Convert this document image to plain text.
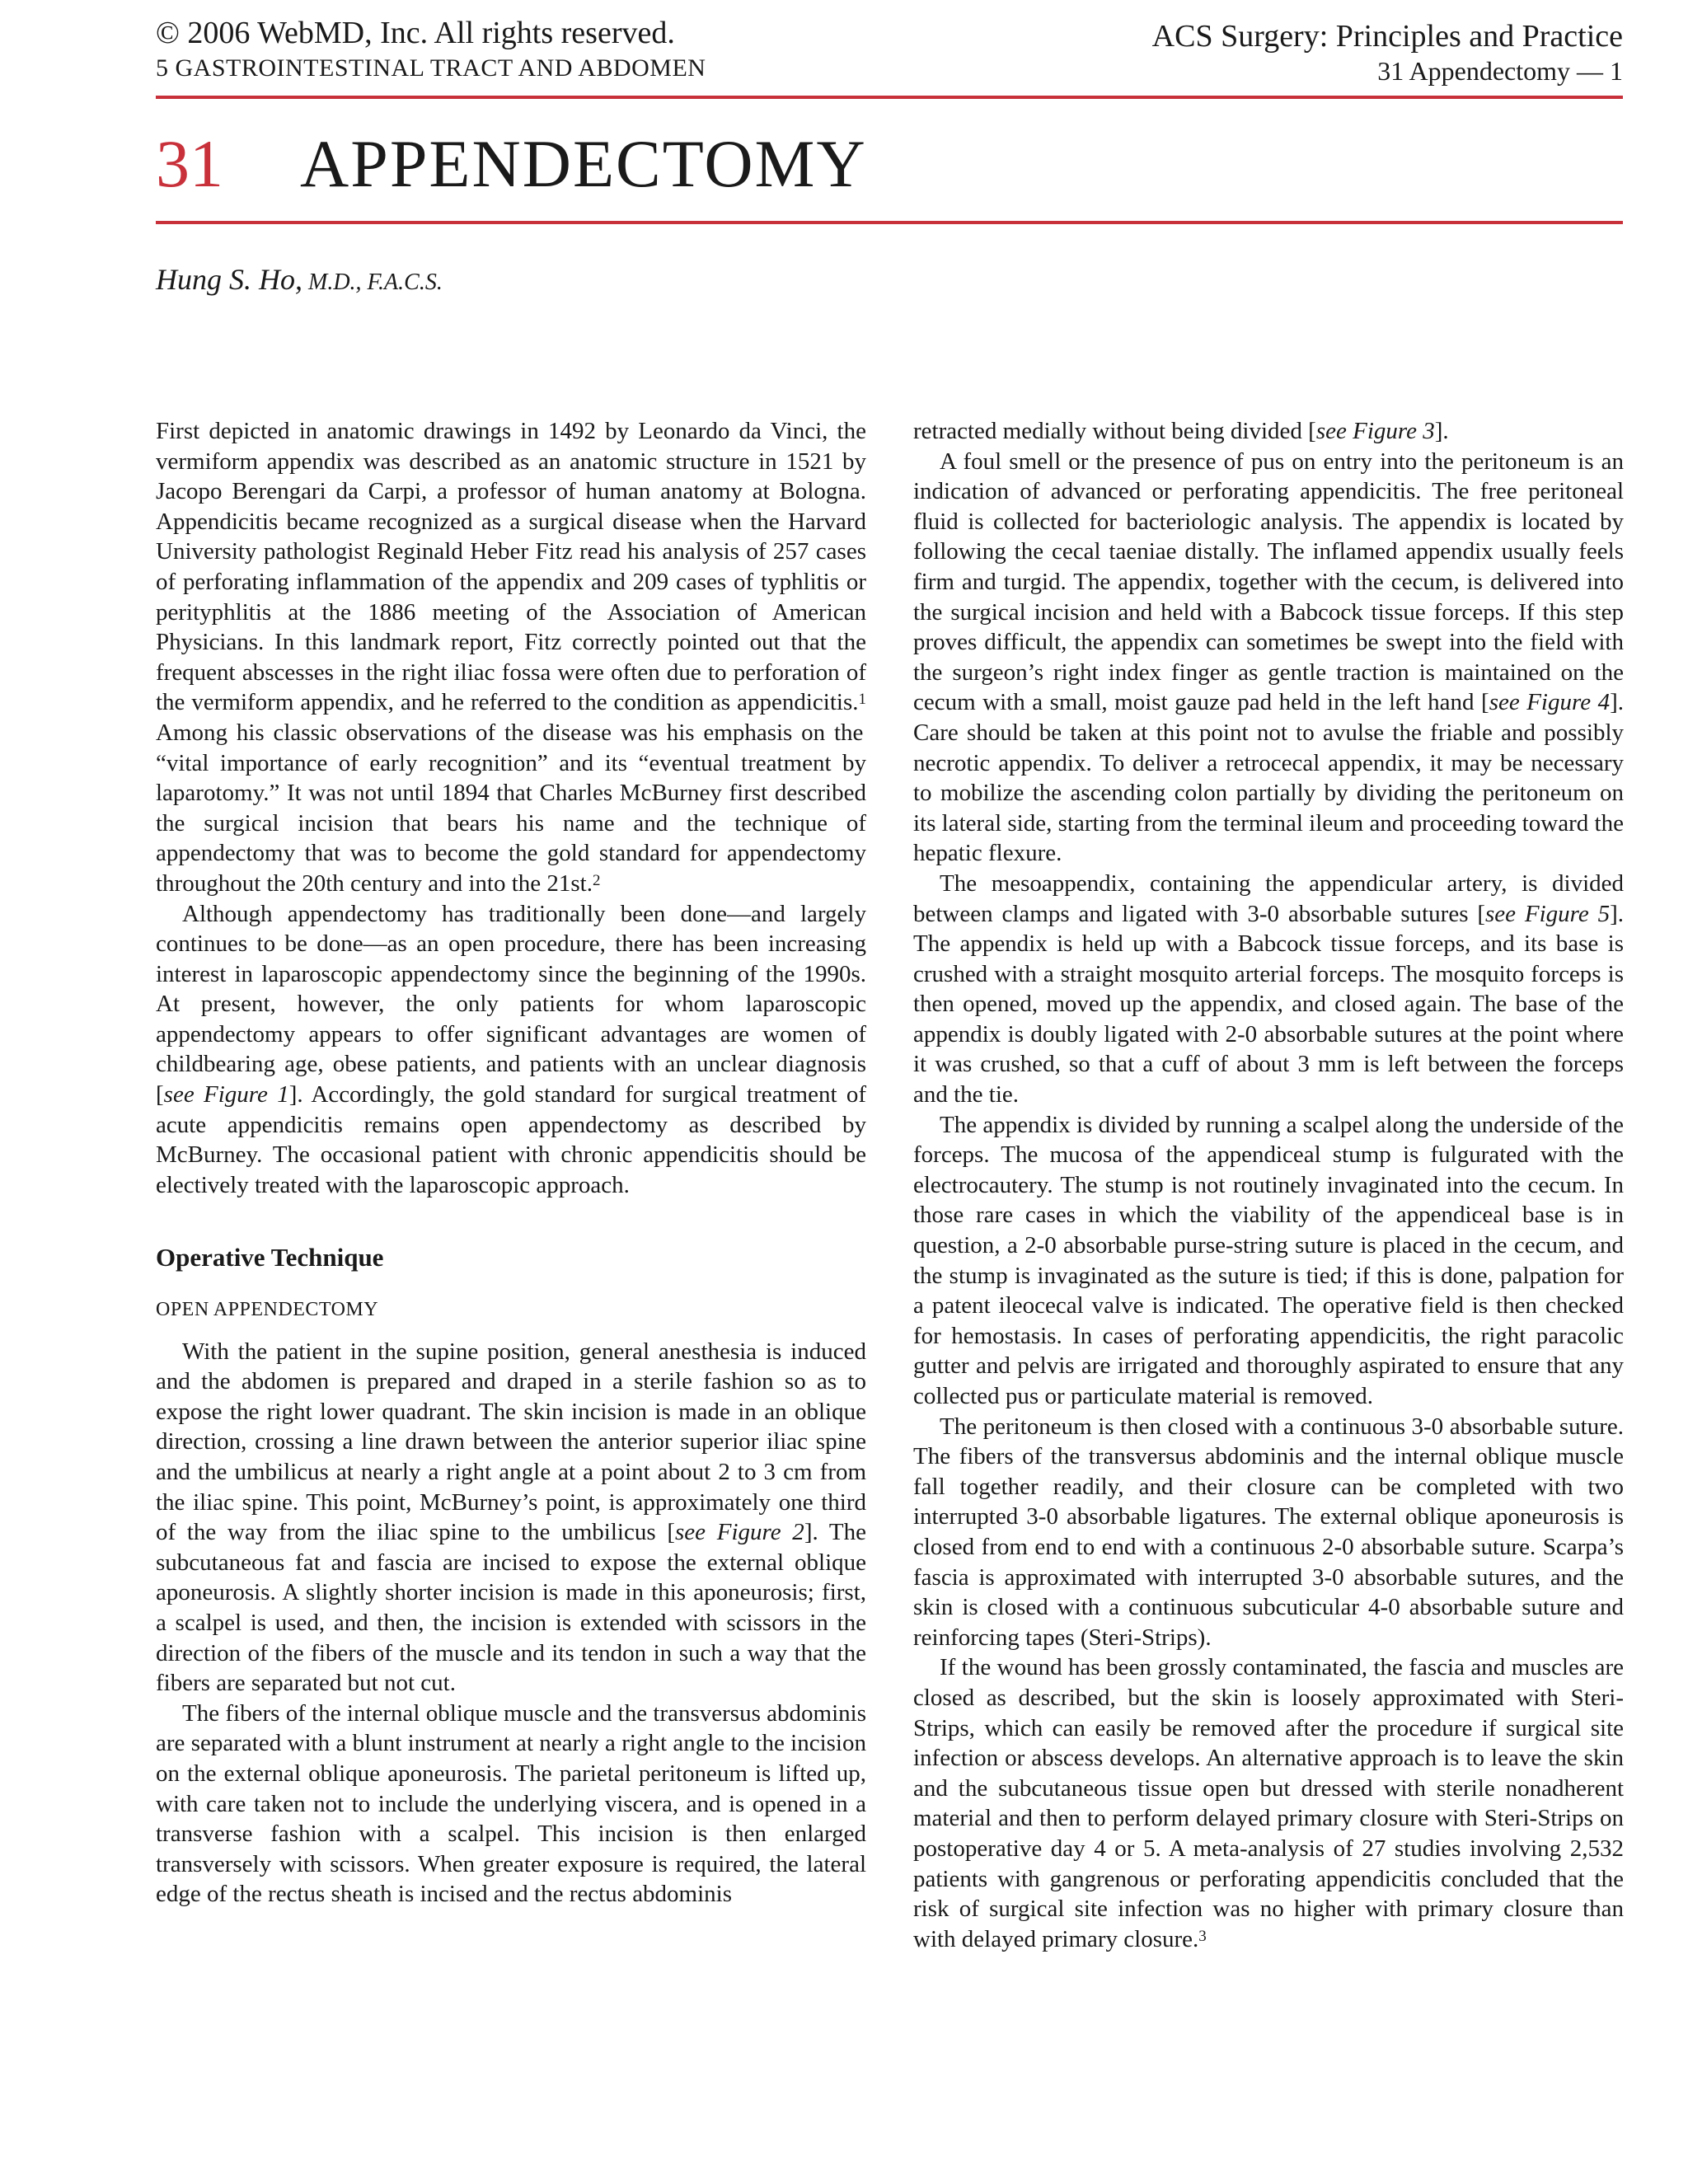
© 2006 WebMD, Inc. All rights reserved.
5 GASTROINTESTINAL TRACT AND ABDOMEN
ACS Surgery: Principles and Practice
31 Appendectomy — 1
31	APPENDECTOMY
Hung S. Ho, M.D., F.A.C.S.

First depicted in anatomic drawings in 1492 by Leonardo da Vinci, the vermiform appendix was described as an anatomic structure in 1521 by Jacopo Berengari da Carpi, a professor of human anatomy at Bologna. Appendicitis became recognized as a surgical disease when the Harvard University pathologist Reginald Heber Fitz read his analysis of 257 cases of perforating inflammation of the appendix and 209 cases of typhlitis or perityphlitis at the 1886 meeting of the Association of American Physicians. In this landmark report, Fitz correctly pointed out that the frequent abscesses in the right iliac fossa were often due to perforation of the vermiform appendix, and he referred to the condition as appendicitis.$^1$ Among his classic observations of the disease was his emphasis on the “vital importance of early recognition” and its “eventual treatment by laparotomy.” It was not until 1894 that Charles McBurney first described the surgical incision that bears his name and the technique of appendectomy that was to become the gold standard for appendectomy throughout the 20th century and into the 21st.$^2$

Although appendectomy has traditionally been done—and largely continues to be done—as an open procedure, there has been increasing interest in laparoscopic appendectomy since the beginning of the 1990s. At present, however, the only patients for whom laparoscopic appendectomy appears to offer significant advantages are women of childbearing age, obese patients, and patients with an unclear diagnosis [see Figure 1]. Accordingly, the gold standard for surgical treatment of acute appendicitis remains open appendectomy as described by McBurney. The occasional patient with chronic appendicitis should be electively treated with the laparoscopic approach.

Operative Technique

OPEN APPENDECTOMY

With the patient in the supine position, general anesthesia is induced and the abdomen is prepared and draped in a sterile fashion so as to expose the right lower quadrant. The skin incision is made in an oblique direction, crossing a line drawn between the anterior superior iliac spine and the umbilicus at nearly a right angle at a point about 2 to 3 cm from the iliac spine. This point, McBurney’s point, is approximately one third of the way from the iliac spine to the umbilicus [see Figure 2]. The subcutaneous fat and fascia are incised to expose the external oblique aponeurosis. A slightly shorter incision is made in this aponeurosis; first, a scalpel is used, and then, the incision is extended with scissors in the direction of the fibers of the muscle and its tendon in such a way that the fibers are separated but not cut.

The fibers of the internal oblique muscle and the transversus abdominis are separated with a blunt instrument at nearly a right angle to the incision on the external oblique aponeurosis. The parietal peritoneum is lifted up, with care taken not to include the underlying viscera, and is opened in a transverse fashion with a scalpel. This incision is then enlarged transversely with scissors. When greater exposure is required, the lateral edge of the rectus sheath is incised and the rectus abdominis

retracted medially without being divided [see Figure 3].

A foul smell or the presence of pus on entry into the peritoneum is an indication of advanced or perforating appendicitis. The free peritoneal fluid is collected for bacteriologic analysis. The appendix is located by following the cecal taeniae distally. The inflamed appendix usually feels firm and turgid. The appendix, together with the cecum, is delivered into the surgical incision and held with a Babcock tissue forceps. If this step proves difficult, the appendix can sometimes be swept into the field with the surgeon’s right index finger as gentle traction is maintained on the cecum with a small, moist gauze pad held in the left hand [see Figure 4]. Care should be taken at this point not to avulse the friable and possibly necrotic appendix. To deliver a retrocecal appendix, it may be necessary to mobilize the ascending colon partially by dividing the peritoneum on its lateral side, starting from the terminal ileum and proceeding toward the hepatic flexure.

The mesoappendix, containing the appendicular artery, is divided between clamps and ligated with 3-0 absorbable sutures [see Figure 5]. The appendix is held up with a Babcock tissue forceps, and its base is crushed with a straight mosquito arterial forceps. The mosquito forceps is then opened, moved up the appendix, and closed again. The base of the appendix is doubly ligated with 2-0 absorbable sutures at the point where it was crushed, so that a cuff of about 3 mm is left between the forceps and the tie.

The appendix is divided by running a scalpel along the underside of the forceps. The mucosa of the appendiceal stump is fulgurated with the electrocautery. The stump is not routinely invaginated into the cecum. In those rare cases in which the viability of the appendiceal base is in question, a 2-0 absorbable purse-string suture is placed in the cecum, and the stump is invaginated as the suture is tied; if this is done, palpation for a patent ileocecal valve is indicated. The operative field is then checked for hemostasis. In cases of perforating appendicitis, the right paracolic gutter and pelvis are irrigated and thoroughly aspirated to ensure that any collected pus or particulate material is removed.

The peritoneum is then closed with a continuous 3-0 absorbable suture. The fibers of the transversus abdominis and the internal oblique muscle fall together readily, and their closure can be completed with two interrupted 3-0 absorbable ligatures. The external oblique aponeurosis is closed from end to end with a continuous 2-0 absorbable suture. Scarpa’s fascia is approximated with interrupted 3-0 absorbable sutures, and the skin is closed with a continuous subcuticular 4-0 absorbable suture and reinforcing tapes (Steri-Strips).

If the wound has been grossly contaminated, the fascia and muscles are closed as described, but the skin is loosely approximated with Steri-Strips, which can easily be removed after the procedure if surgical site infection or abscess develops. An alternative approach is to leave the skin and the subcutaneous tissue open but dressed with sterile nonadherent material and then to perform delayed primary closure with Steri-Strips on postoperative day 4 or 5. A meta-analysis of 27 studies involving 2,532 patients with gangrenous or perforating appendicitis concluded that the risk of surgical site infection was no higher with primary closure than with delayed primary closure.$^3$
